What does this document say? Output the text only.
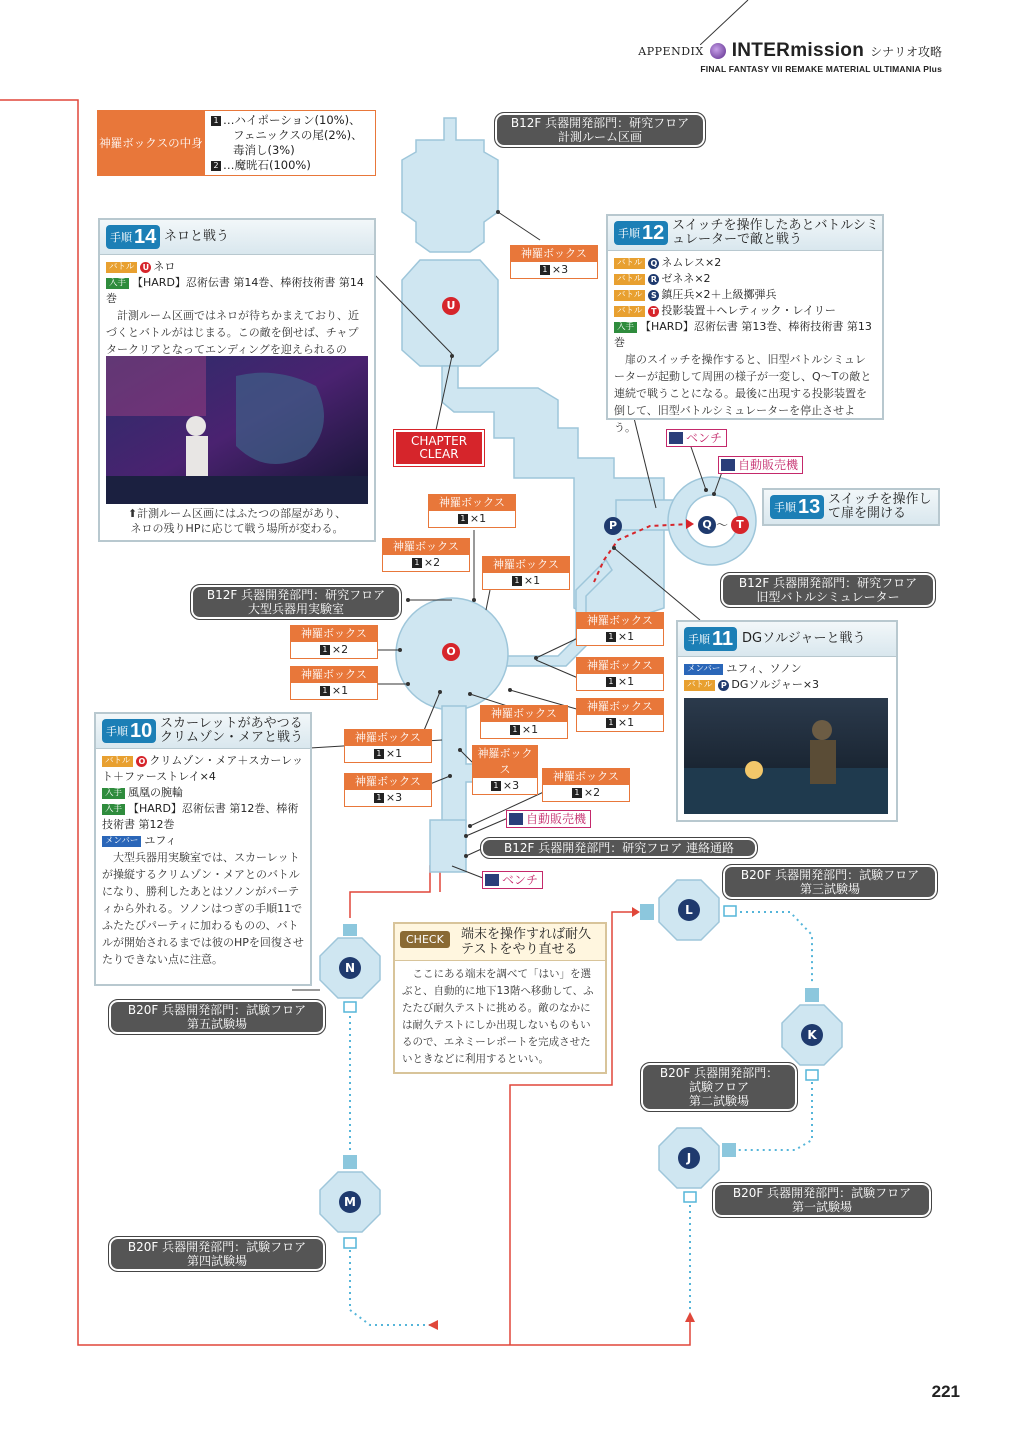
APPENDIX INTERmission シナリオ攻略
FINAL FANTASY VII REMAKE MATERIAL ULTIMANIA Plus
神羅ボックスの中身
1 …ハイポーション(10%)、
フェニックスの尾(2%)、
毒消し(3%)
2 …魔晄石(100%)
B12F 兵器開発部門：研究フロア
計測ルーム区画
B12F 兵器開発部門：研究フロア
大型兵器用実験室
B12F 兵器開発部門：研究フロア
旧型バトルシミュレーター
B12F 兵器開発部門：研究フロア 連絡通路
B20F 兵器開発部門：試験フロア
第三試験場
B20F 兵器開発部門：試験フロア
第五試験場
B20F 兵器開発部門：
試験フロア
第二試験場
B20F 兵器開発部門：試験フロア
第一試験場
B20F 兵器開発部門：試験フロア
第四試験場
神羅ボックス
1 ×3
神羅ボックス
1 ×1
神羅ボックス
1 ×2	神羅ボックス
1 ×1
神羅ボックス
1 ×2
神羅ボックス
1 ×1
神羅ボックス
1 ×1
神羅ボックス
1 ×1
神羅ボックス
1 ×1
神羅ボックス
1 ×1
神羅ボックス
1 ×1	神羅ボックス
1 ×3
神羅ボックス
1 ×3
神羅ボックス
1 ×2
U
O
P	Q 〜 T
N
M
L
K
J
CHAPTER
CLEAR
ベンチ
自動販売機
自動販売機
ベンチ
手順 14 ネロと戦う
バトル U ネロ
入手 【HARD】忍術伝書 第14巻、棒術技術書 第14巻
計測ルーム区画ではネロが待ちかまえており、近づくとバトルがはじまる。この敵を倒せば、チャプタークリアとなってエンディングを迎えられるの
⬆計測ルーム区画にはふたつの部屋があり、
ネロの残りHPに応じて戦う場所が変わる。
手順 12 スイッチを操作したあとバトルシミ
ュレーターで敵と戦う
バトル Q ネムレス×2
バトル R ゼネネ×2
バトル S 鎮圧兵×2＋上級擲弾兵
バトル T 投影装置＋ヘレティック・レイリー
入手 【HARD】忍術伝書 第13巻、棒術技術書 第13巻
扉のスイッチを操作すると、旧型バトルシミュレーターが起動して周囲の様子が一変し、Q〜Tの敵と連続で戦うことになる。最後に出現する投影装置を倒して、旧型バトルシミュレーターを停止させよう。
手順 13 スイッチを操作し
て扉を開ける
手順 11 DGソルジャーと戦う
メンバー ユフィ、ソノン
バトル P DGソルジャー×3
手順 10 スカーレットがあやつる
クリムゾン・メアと戦う
バトル O クリムゾン・メア＋スカーレット＋ファーストレイ×4
入手 風凰の腕輪
入手 【HARD】忍術伝書 第12巻、棒術技術書 第12巻
メンバー ユフィ
大型兵器用実験室では、スカーレットが操縦するクリムゾン・メアとのバトルになり、勝利したあとはソノンがパーティから外れる。ソノンはつぎの手順11でふたたびパーティに加わるものの、バトルが開始されるまでは彼のHPを回復させたりできない点に注意。
CHECK	端末を操作すれば耐久
テストをやり直せる
ここにある端末を調べて「はい」を選ぶと、自動的に地下13階へ移動して、ふたたび耐久テストに挑める。敵のなかには耐久テストにしか出現しないものもいるので、エネミーレポートを完成させたいときなどに利用するといい。
221
